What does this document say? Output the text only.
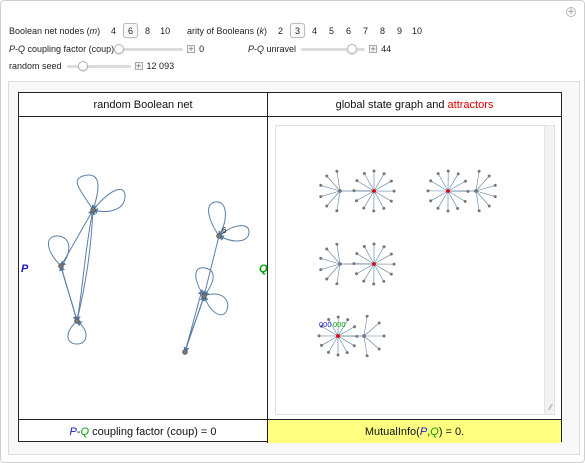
+
Boolean net nodes (m)	4	6	8	10	arity of Booleans (k)	2	3	4	5	6	7	8	9	10
P-Q coupling factor (coup)	+ 0	P-Q unravel	+ 44
random seed	+ 12 093
random Boolean net	global state graph and attractors
6
P	Q
000 000
⁄⁄
P-Q coupling factor (coup) = 0	MutualInfo(P,Q) = 0.
